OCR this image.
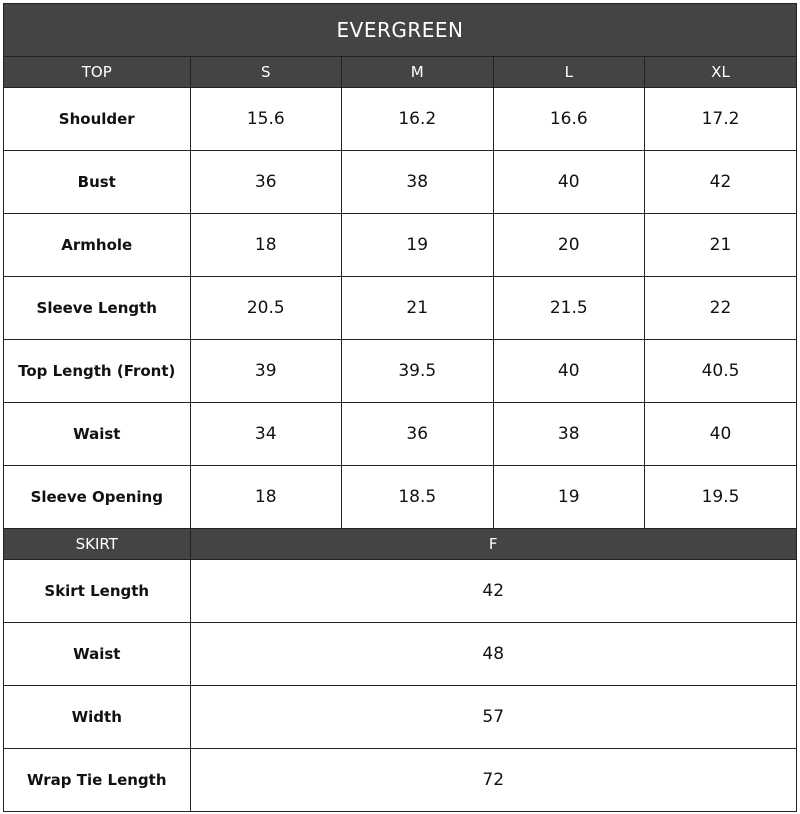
EVERGREEN
TOP	S	M	L	XL
Shoulder	15.6	16.2	16.6	17.2
Bust	36	38	40	42
Armhole	18	19	20	21
Sleeve Length	20.5	21	21.5	22
Top Length (Front)	39	39.5	40	40.5
Waist	34	36	38	40
Sleeve Opening	18	18.5	19	19.5
SKIRT	F
Skirt Length	42
Waist	48
Width	57
Wrap Tie Length	72
